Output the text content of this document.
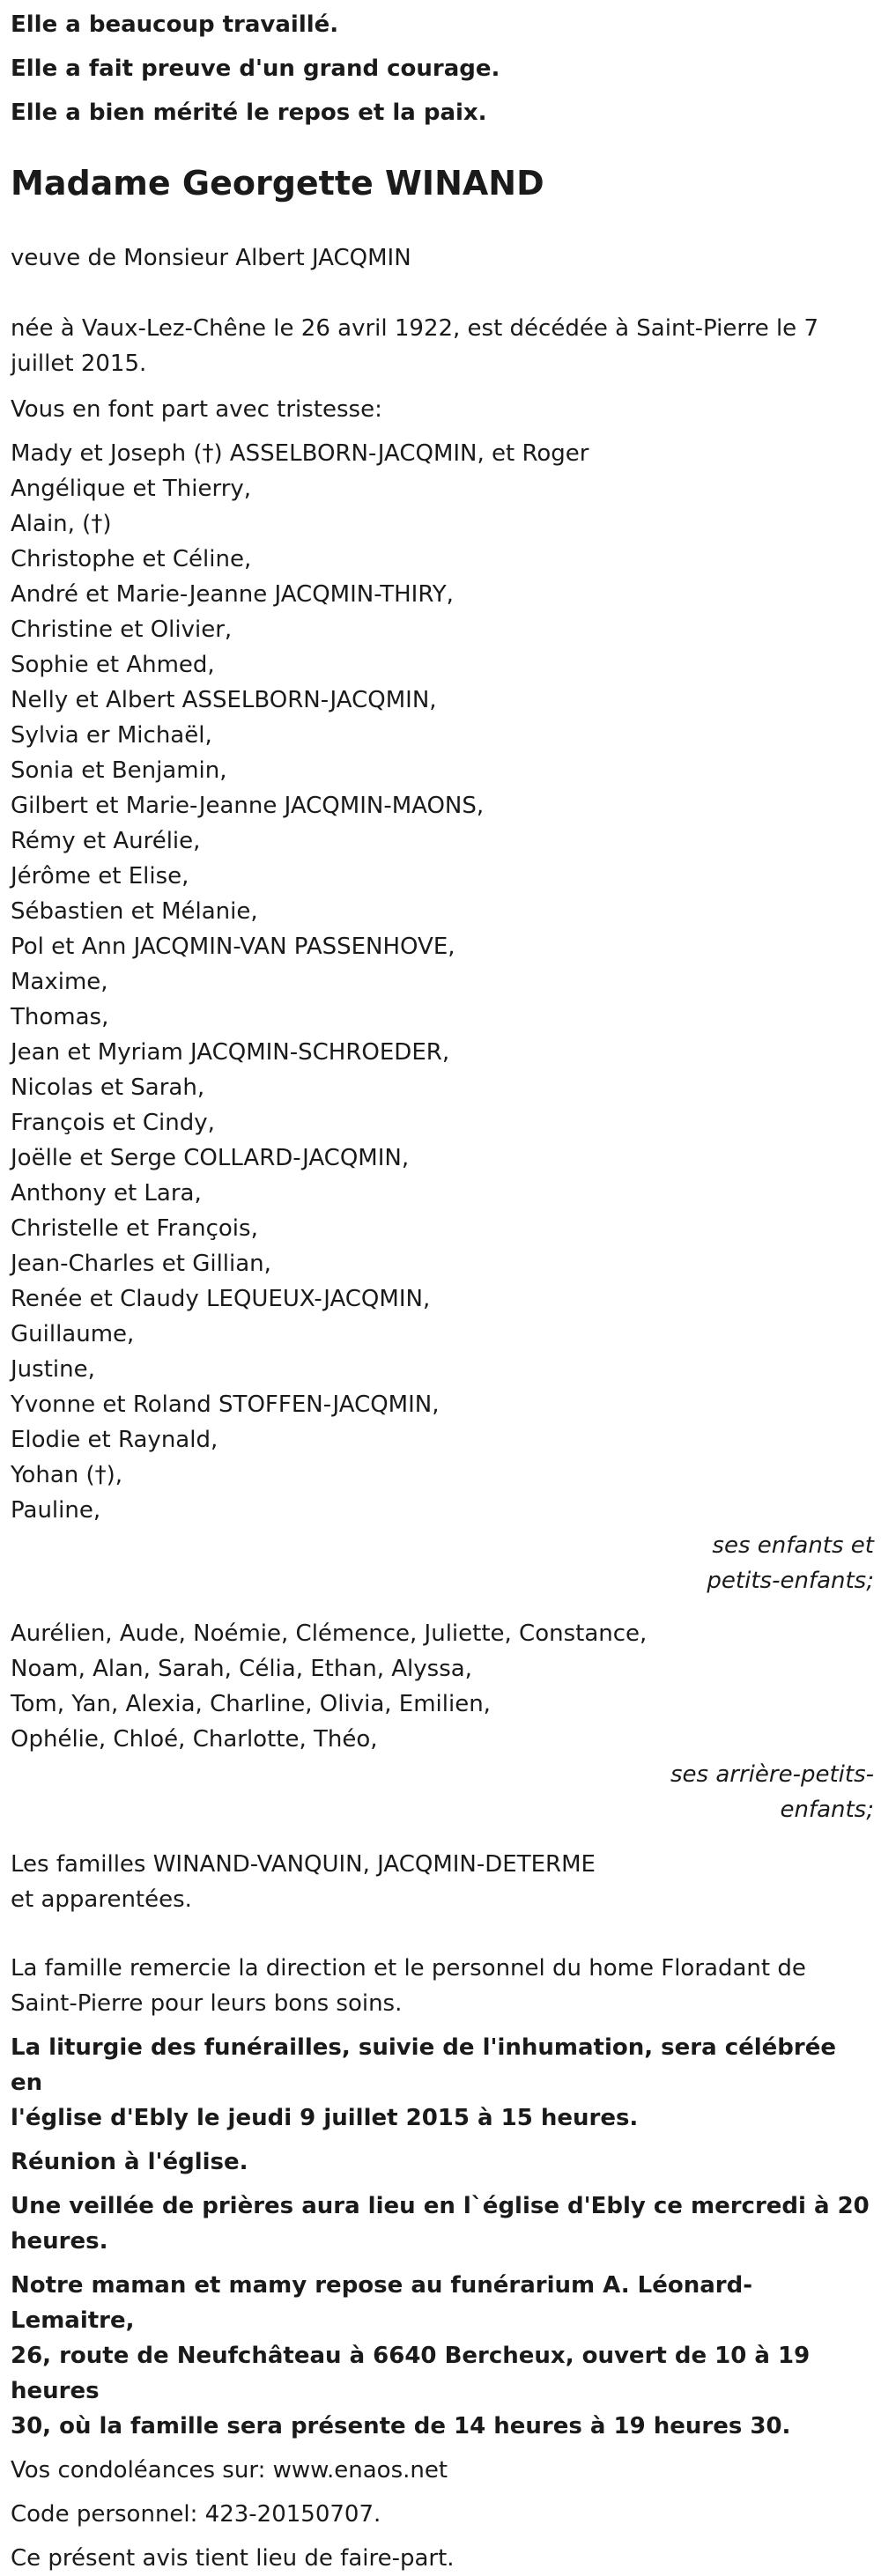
Elle a beaucoup travaillé.

Elle a fait preuve d'un grand courage.

Elle a bien mérité le repos et la paix.

Madame Georgette WINAND

veuve de Monsieur Albert JACQMIN

née à Vaux-Lez-Chêne le 26 avril 1922, est décédée à Saint-Pierre le 7

juillet 2015.

Vous en font part avec tristesse:

Mady et Joseph (†) ASSELBORN-JACQMIN, et Roger

Angélique et Thierry,

Alain, (†)

Christophe et Céline,

André et Marie-Jeanne JACQMIN-THIRY,

Christine et Olivier,

Sophie et Ahmed,

Nelly et Albert ASSELBORN-JACQMIN,

Sylvia er Michaël,

Sonia et Benjamin,

Gilbert et Marie-Jeanne JACQMIN-MAONS,

Rémy et Aurélie,

Jérôme et Elise,

Sébastien et Mélanie,

Pol et Ann JACQMIN-VAN PASSENHOVE,

Maxime,

Thomas,

Jean et Myriam JACQMIN-SCHROEDER,

Nicolas et Sarah,

François et Cindy,

Joëlle et Serge COLLARD-JACQMIN,

Anthony et Lara,

Christelle et François,

Jean-Charles et Gillian,

Renée et Claudy LEQUEUX-JACQMIN,

Guillaume,

Justine,

Yvonne et Roland STOFFEN-JACQMIN,

Elodie et Raynald,

Yohan (†),

Pauline,

ses enfants et

petits-enfants;

Aurélien, Aude, Noémie, Clémence, Juliette, Constance,

Noam, Alan, Sarah, Célia, Ethan, Alyssa,

Tom, Yan, Alexia, Charline, Olivia, Emilien,

Ophélie, Chloé, Charlotte, Théo,

ses arrière-petits-

enfants;

Les familles WINAND-VANQUIN, JACQMIN-DETERME

et apparentées.

La famille remercie la direction et le personnel du home Floradant de

Saint-Pierre pour leurs bons soins.

La liturgie des funérailles, suivie de l'inhumation, sera célébrée en

l'église d'Ebly le jeudi 9 juillet 2015 à 15 heures.

Réunion à l'église.

Une veillée de prières aura lieu en l`église d'Ebly ce mercredi à 20

heures.

Notre maman et mamy repose au funérarium A. Léonard-Lemaitre,

26, route de Neufchâteau à 6640 Bercheux, ouvert de 10 à 19 heures

30, où la famille sera présente de 14 heures à 19 heures 30.

Vos condoléances sur: www.enaos.net

Code personnel: 423-20150707.

Ce présent avis tient lieu de faire-part.
